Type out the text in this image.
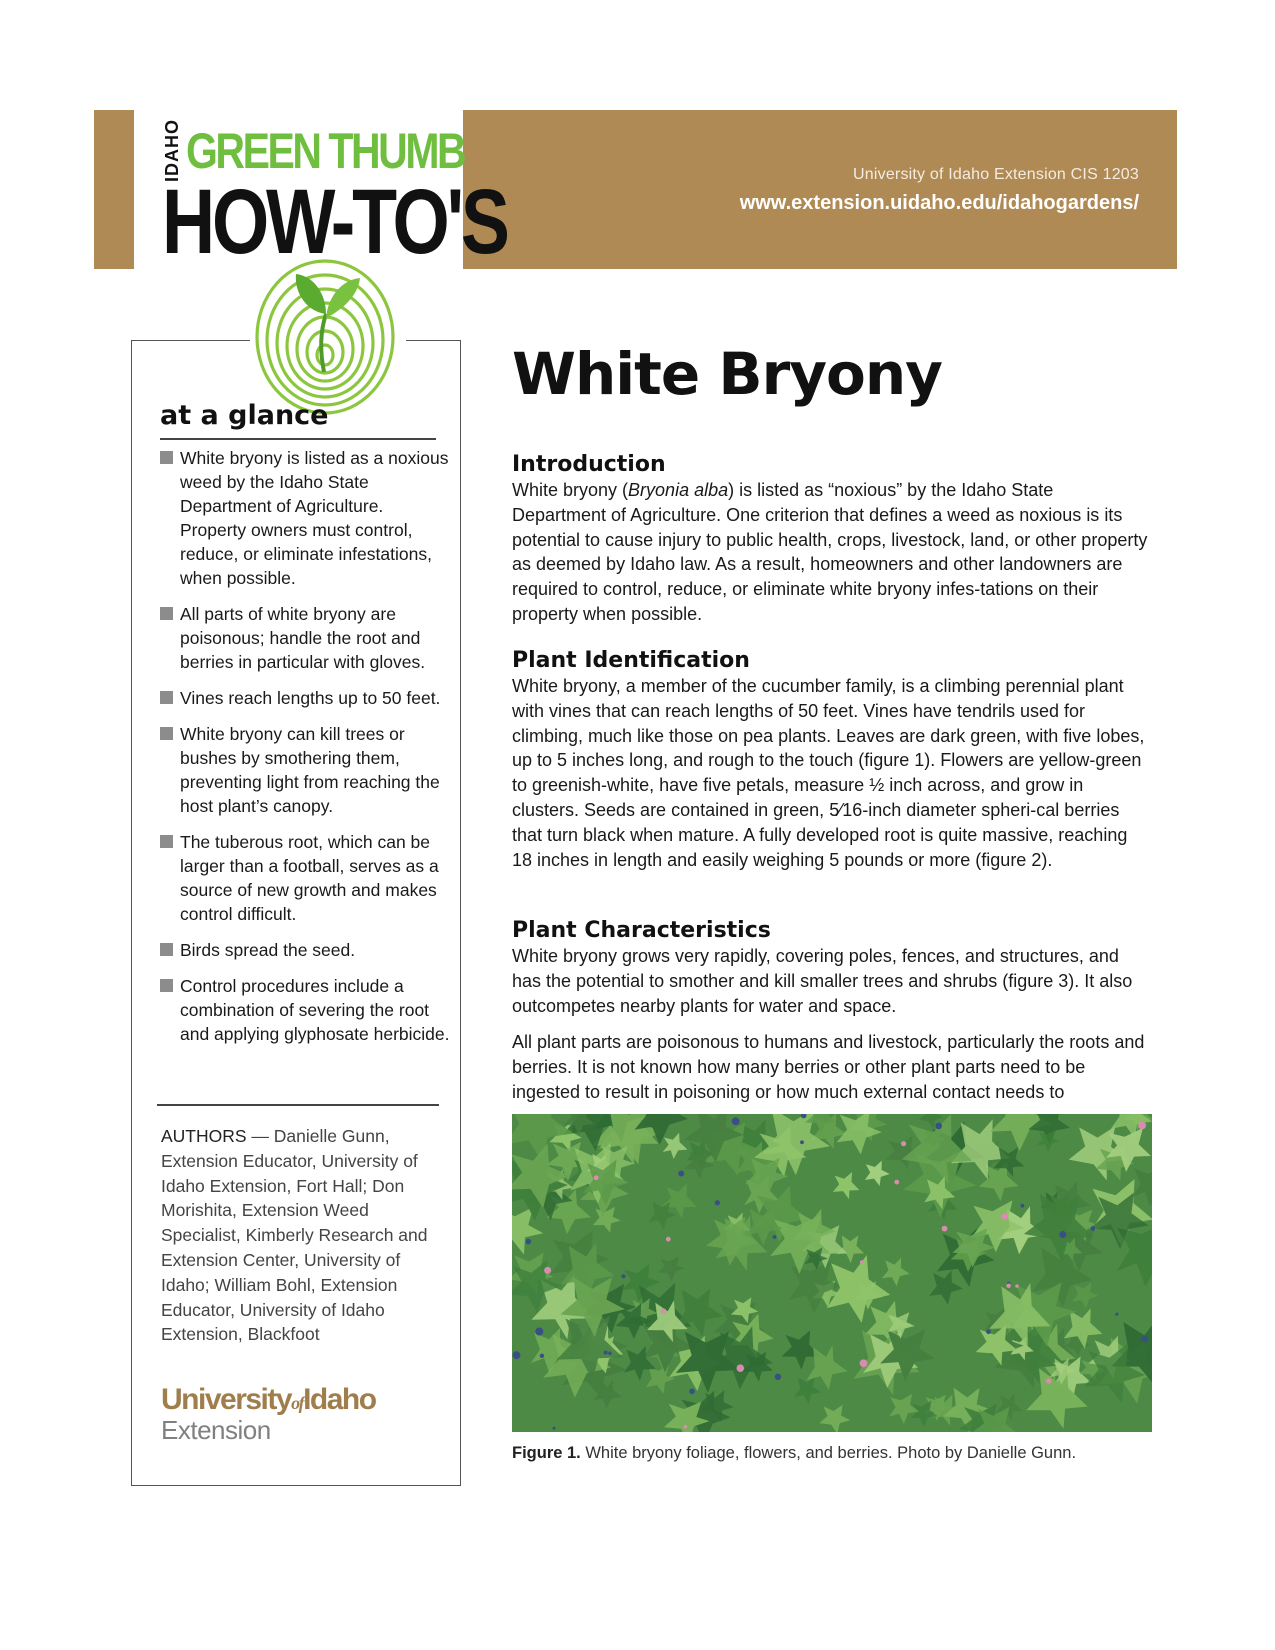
University of Idaho Extension CIS 1203
www.extension.uidaho.edu/idahogardens/
IDAHO GREEN THUMB
HOW-TO'S
at a glance
White bryony is listed as a noxious weed by the Idaho State Department of Agriculture. Property owners must control, reduce, or eliminate infestations, when possible.
All parts of white bryony are poisonous; handle the root and berries in particular with gloves.
Vines reach lengths up to 50 feet.
White bryony can kill trees or bushes by smothering them, preventing light from reaching the host plant’s canopy.
The tuberous root, which can be larger than a football, serves as a source of new growth and makes control difficult.
Birds spread the seed.
Control procedures include a combination of severing the root and applying glyphosate herbicide.
AUTHORS — Danielle Gunn, Extension Educator, University of Idaho Extension, Fort Hall; Don Morishita, Extension Weed Specialist, Kimberly Research and Extension Center, University of Idaho; William Bohl, Extension Educator, University of Idaho Extension, Blackfoot
UniversityofIdaho
Extension
White Bryony
Introduction

White bryony (Bryonia alba) is listed as “noxious” by the Idaho State Department of Agriculture. One criterion that defines a weed as noxious is its potential to cause injury to public health, crops, livestock, land, or other property as deemed by Idaho law. As a result, homeowners and other landowners are required to control, reduce, or eliminate white bryony infes-tations on their property when possible.

Plant Identification

White bryony, a member of the cucumber family, is a climbing perennial plant with vines that can reach lengths of 50 feet. Vines have tendrils used for climbing, much like those on pea plants. Leaves are dark green, with five lobes, up to 5 inches long, and rough to the touch (figure 1). Flowers are yellow-green to greenish-white, have five petals, measure ½ inch across, and grow in clusters. Seeds are contained in green, 5⁄16-inch diameter spheri-cal berries that turn black when mature. A fully developed root is quite massive, reaching 18 inches in length and easily weighing 5 pounds or more (figure 2).

Plant Characteristics

White bryony grows very rapidly, covering poles, fences, and structures, and has the potential to smother and kill smaller trees and shrubs (figure 3). It also outcompetes nearby plants for water and space.

All plant parts are poisonous to humans and livestock, particularly the roots and berries. It is not known how many berries or other plant parts need to be ingested to result in poisoning or how much external contact needs to

Figure 1. White bryony foliage, flowers, and berries. Photo by Danielle Gunn.
